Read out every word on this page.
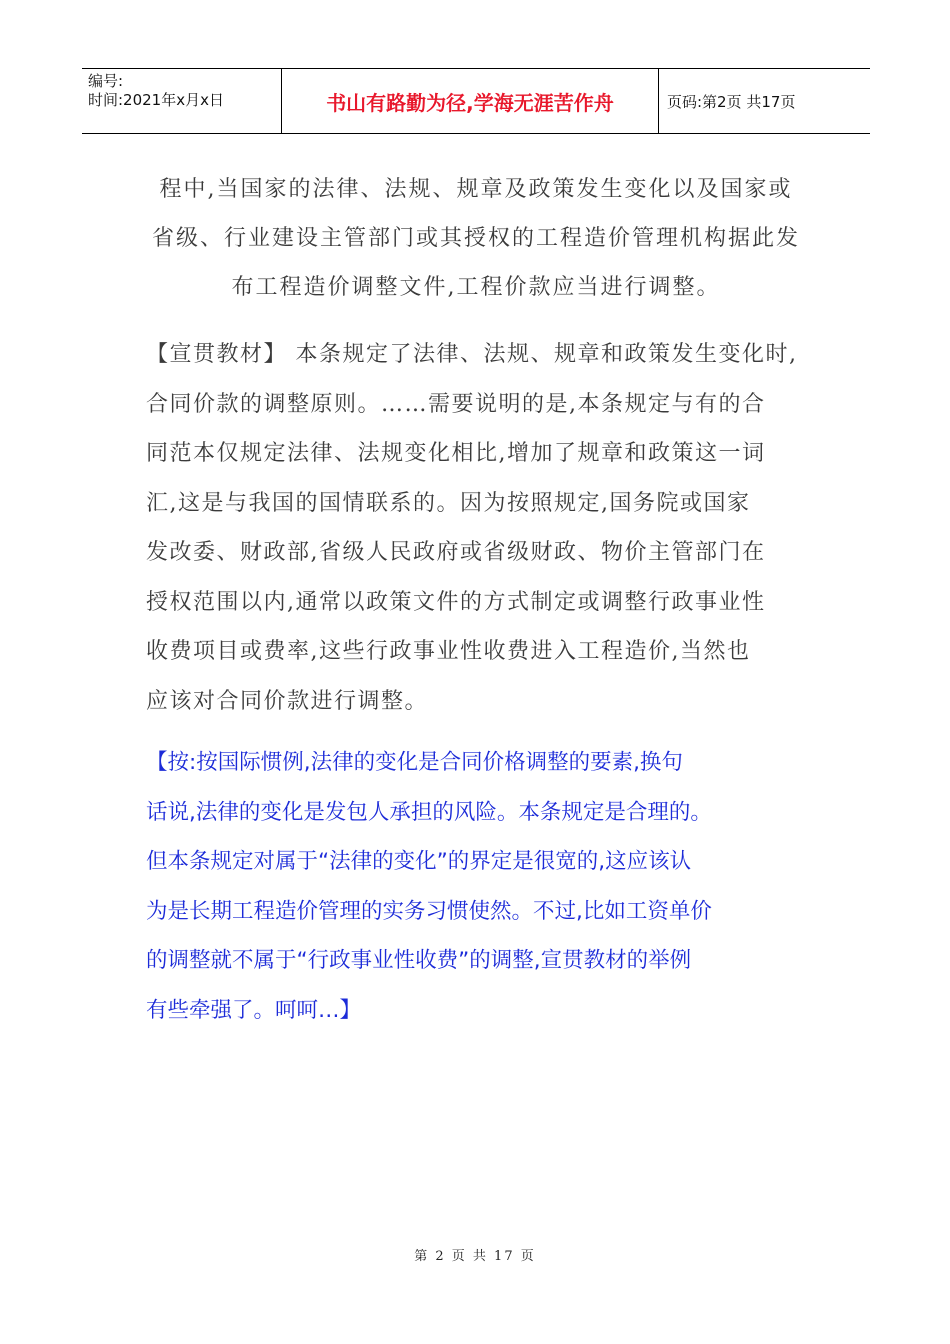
编号:
时间:2021年x月x日	书山有路勤为径,学海无涯苦作舟	页码:第2页 共17页
程中,当国家的法律、法规、规章及政策发生变化以及国家或
省级、行业建设主管部门或其授权的工程造价管理机构据此发
布工程造价调整文件,工程价款应当进行调整。
【宣贯教材】 本条规定了法律、法规、规章和政策发生变化时,
合同价款的调整原则。……需要说明的是,本条规定与有的合
同范本仅规定法律、法规变化相比,增加了规章和政策这一词
汇,这是与我国的国情联系的。因为按照规定,国务院或国家
发改委、财政部,省级人民政府或省级财政、物价主管部门在
授权范围以内,通常以政策文件的方式制定或调整行政事业性
收费项目或费率,这些行政事业性收费进入工程造价,当然也
应该对合同价款进行调整。
【按:按国际惯例,法律的变化是合同价格调整的要素,换句
话说,法律的变化是发包人承担的风险。本条规定是合理的。
但本条规定对属于“法律的变化”的界定是很宽的,这应该认
为是长期工程造价管理的实务习惯使然。不过,比如工资单价
的调整就不属于“行政事业性收费”的调整,宣贯教材的举例
有些牵强了。呵呵…】
第 2 页 共 17 页
